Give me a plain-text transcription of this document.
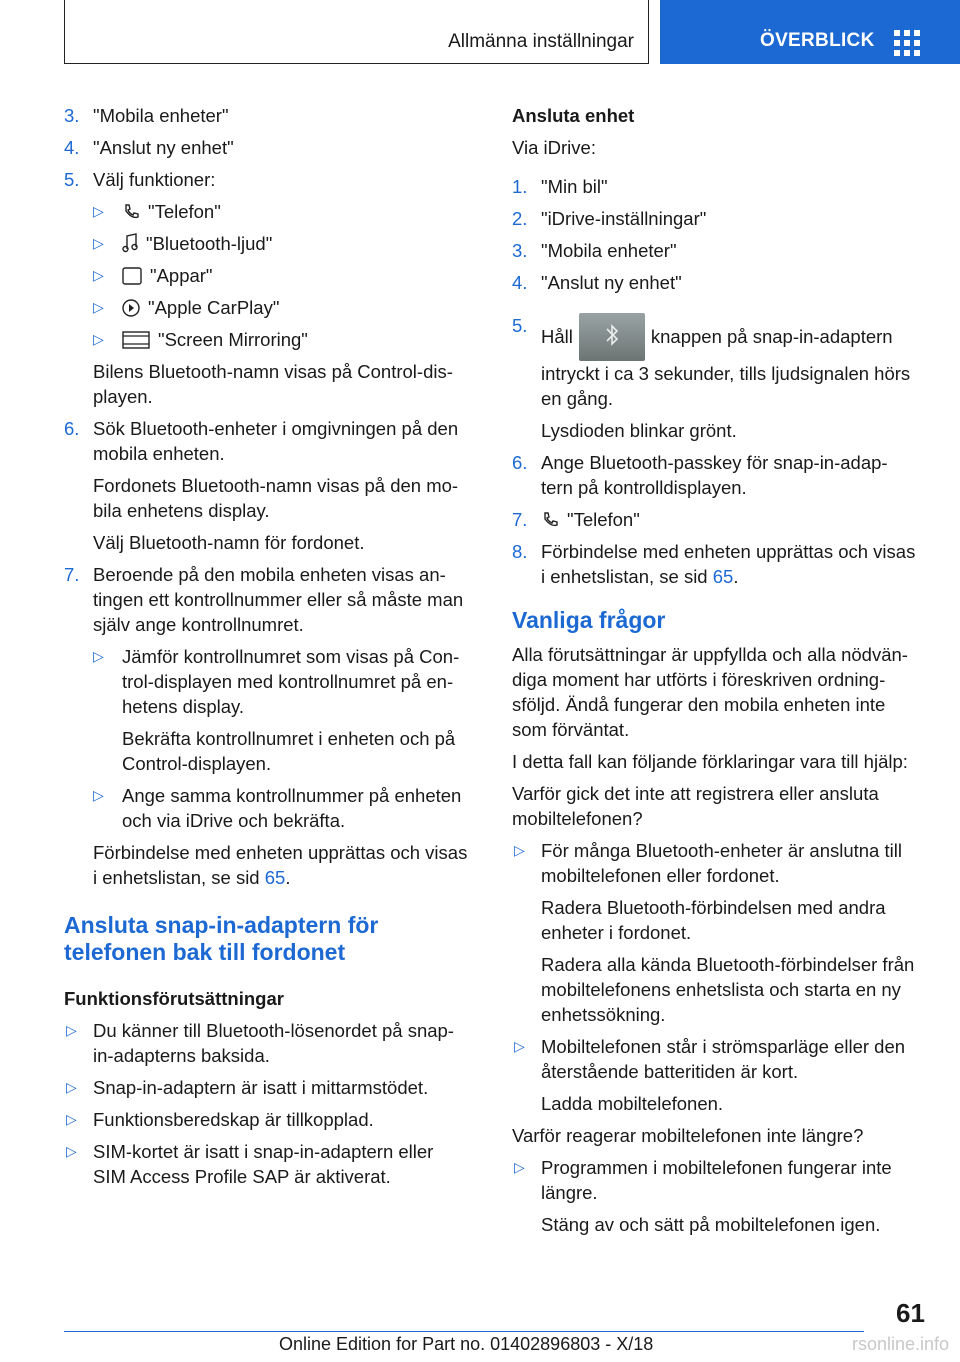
Allmänna inställningar	ÖVERBLICK
3. "Mobila enheter"
4. "Anslut ny enhet"
5. Välj funktioner:
▷ "Telefon"
▷ "Bluetooth-ljud"
▷ "Appar"
▷ "Apple CarPlay"
▷	"Screen Mirroring"
Bilens Bluetooth-namn visas på Control-dis-
playen.
6. Sök Bluetooth-enheter i omgivningen på den
mobila enheten.
Fordonets Bluetooth-namn visas på den mo-
bila enhetens display.
Välj Bluetooth-namn för fordonet.
7. Beroende på den mobila enheten visas an-
tingen ett kontrollnummer eller så måste man
själv ange kontrollnumret.
▷ Jämför kontrollnumret som visas på Con-
trol-displayen med kontrollnumret på en-
hetens display.
Bekräfta kontrollnumret i enheten och på
Control-displayen.
▷ Ange samma kontrollnummer på enheten
och via iDrive och bekräfta.
Förbindelse med enheten upprättas och visas
i enhetslistan, se sid 65.
Ansluta snap-in-adaptern för
telefonen bak till fordonet
Funktionsförutsättningar
▷ Du känner till Bluetooth-lösenordet på snap-
in-adapterns baksida.
▷ Snap-in-adaptern är isatt i mittarmstödet.
▷ Funktionsberedskap är tillkopplad.
▷ SIM-kortet är isatt i snap-in-adaptern eller
SIM Access Profile SAP är aktiverat.
Ansluta enhet
Via iDrive:
1. "Min bil"
2. "iDrive-inställningar"
3. "Mobila enheter"
4. "Anslut ny enhet"
5.
Håll	knappen på snap-in-adaptern
intryckt i ca 3 sekunder, tills ljudsignalen hörs
en gång.
Lysdioden blinkar grönt.
6. Ange Bluetooth-passkey för snap-in-adap-
tern på kontrolldisplayen.
7. "Telefon"
8. Förbindelse med enheten upprättas och visas
i enhetslistan, se sid 65.
Vanliga frågor
Alla förutsättningar är uppfyllda och alla nödvän-
diga moment har utförts i föreskriven ordning-
sföljd. Ändå fungerar den mobila enheten inte
som förväntat.
I detta fall kan följande förklaringar vara till hjälp:
Varför gick det inte att registrera eller ansluta
mobiltelefonen?
▷ För många Bluetooth-enheter är anslutna till
mobiltelefonen eller fordonet.
Radera Bluetooth-förbindelsen med andra
enheter i fordonet.
Radera alla kända Bluetooth-förbindelser från
mobiltelefonens enhetslista och starta en ny
enhetssökning.
▷ Mobiltelefonen står i strömsparläge eller den
återstående batteritiden är kort.
Ladda mobiltelefonen.
Varför reagerar mobiltelefonen inte längre?
▷ Programmen i mobiltelefonen fungerar inte
längre.
Stäng av och sätt på mobiltelefonen igen.
61
Online Edition for Part no. 01402896803 - X/18	rsonline.info
